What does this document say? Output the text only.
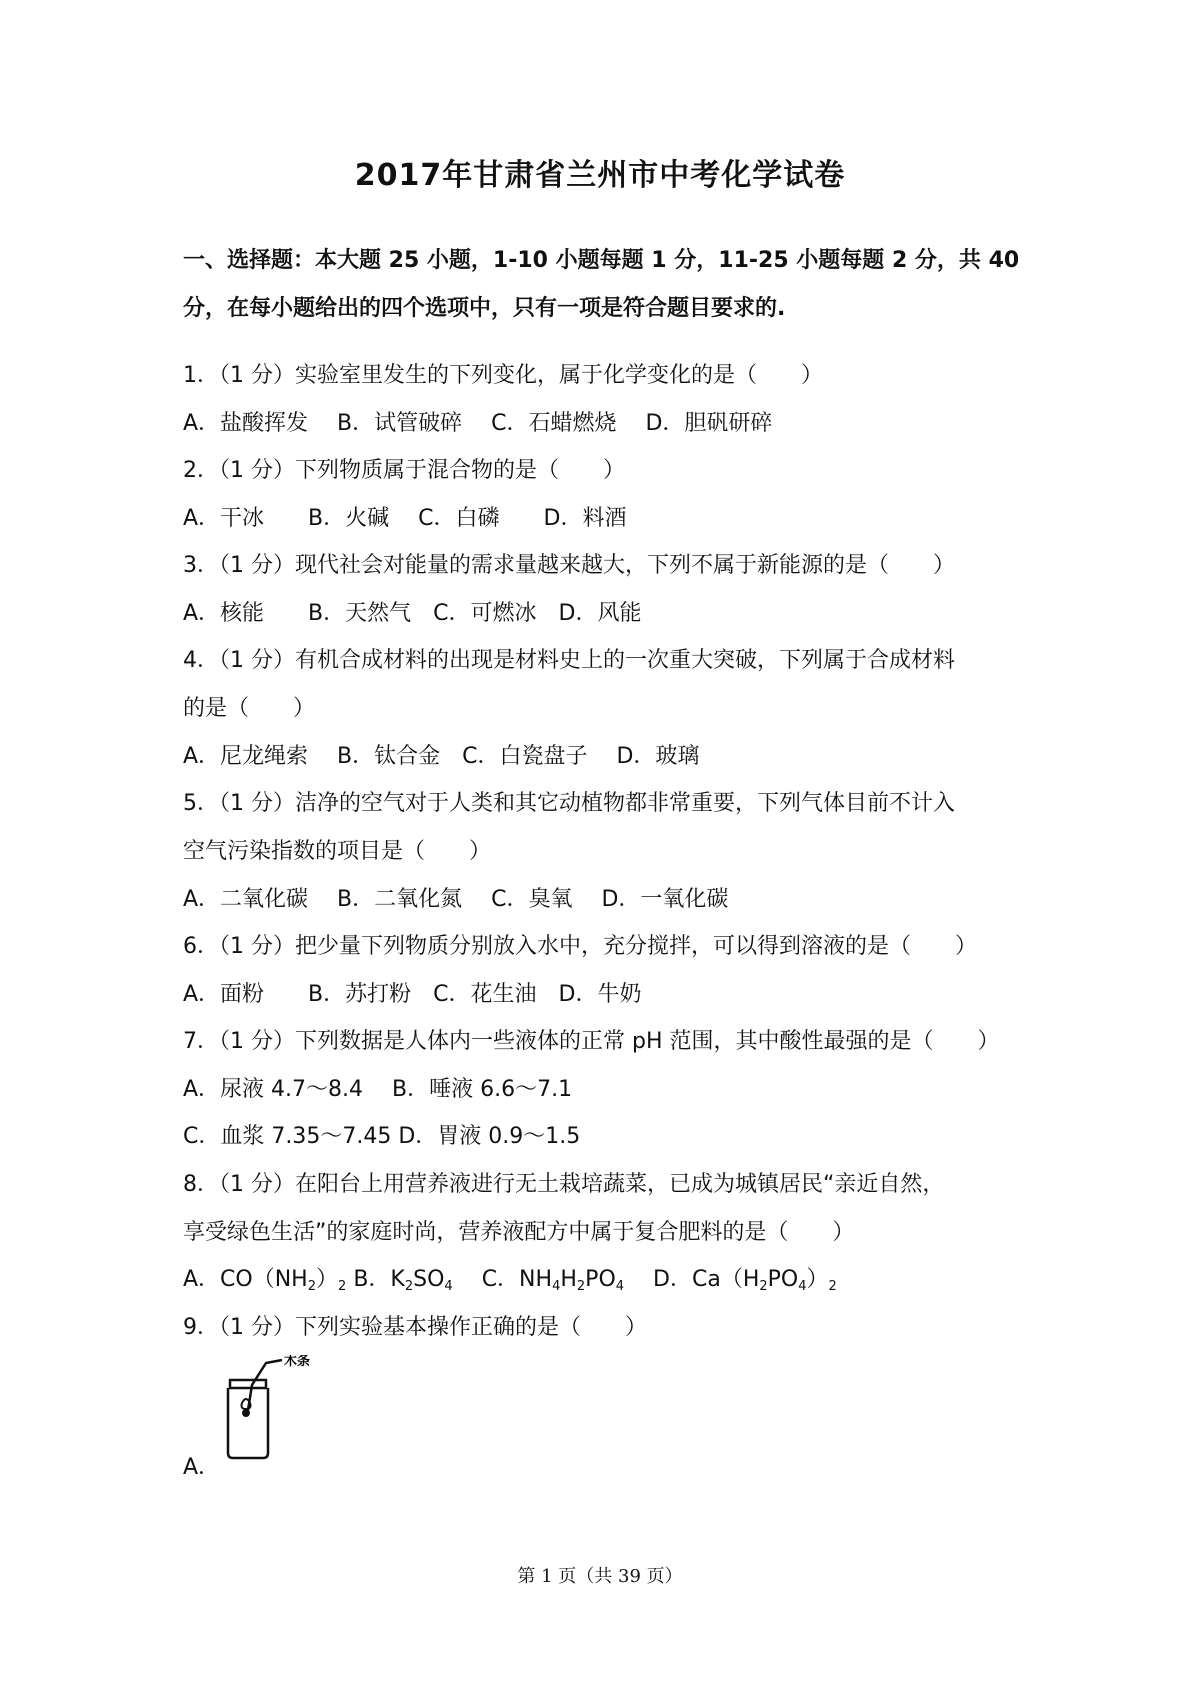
2017年甘肃省兰州市中考化学试卷
一、选择题：本大题 25 小题，1-10 小题每题 1 分，11-25 小题每题 2 分，共 40
分，在每小题给出的四个选项中，只有一项是符合题目要求的.
1．（1 分）实验室里发生的下列变化，属于化学变化的是（　　）
A．盐酸挥发　 B．试管破碎　 C．石蜡燃烧　 D．胆矾研碎
2．（1 分）下列物质属于混合物的是（　　）
A．干冰　　B．火碱　 C．白磷　　D．料酒
3．（1 分）现代社会对能量的需求量越来越大，下列不属于新能源的是（　　）
A．核能　　B．天然气　C．可燃冰　D．风能
4．（1 分）有机合成材料的出现是材料史上的一次重大突破，下列属于合成材料
的是（　　）
A．尼龙绳索　 B．钛合金　C．白瓷盘子　 D．玻璃
5．（1 分）洁净的空气对于人类和其它动植物都非常重要，下列气体目前不计入
空气污染指数的项目是（　　）
A．二氧化碳　 B．二氧化氮　 C．臭氧　 D．一氧化碳
6．（1 分）把少量下列物质分别放入水中，充分搅拌，可以得到溶液的是（　　）
A．面粉　　B．苏打粉　C．花生油　D．牛奶
7．（1 分）下列数据是人体内一些液体的正常 pH 范围，其中酸性最强的是（　　）
A．尿液 4.7～8.4　 B．唾液 6.6～7.1
C．血浆 7.35～7.45 D．胃液 0.9～1.5
8．（1 分）在阳台上用营养液进行无土栽培蔬菜，已成为城镇居民“亲近自然，
享受绿色生活”的家庭时尚，营养液配方中属于复合肥料的是（　　）
A．$CO(NH_2)_2$ B．$K_2SO_4$　 C．$NH_4H_2PO_4$　 D．$Ca(H_2PO_4)_2$
9．（1 分）下列实验基本操作正确的是（　　）
木条
A．
第 1 页（共 39 页）
